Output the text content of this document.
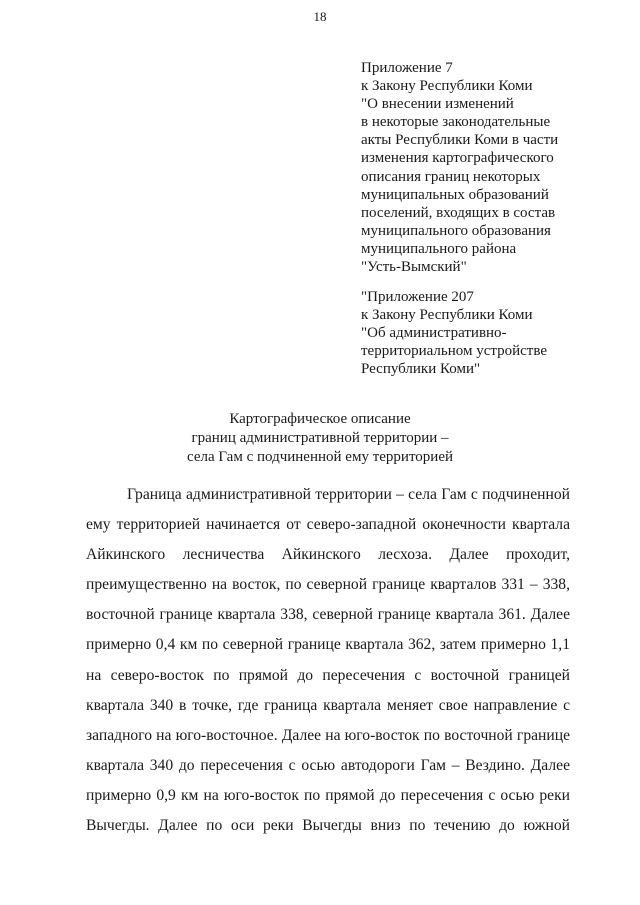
18
Приложение 7
к Закону Республики Коми
"О внесении изменений
в некоторые законодательные
акты Республики Коми в части
изменения картографического
описания границ некоторых
муниципальных образований
поселений, входящих в состав
муниципального образования
муниципального района
"Усть-Вымский"
"Приложение 207
к Закону Республики Коми
"Об административно-
территориальном устройстве
Республики Коми"
Картографическое описание
границ административной территории –
села Гам с подчиненной ему территорией
Граница административной территории – села Гам с подчиненной
ему территорией начинается от северо-западной оконечности квартала
Айкинского лесничества Айкинского лесхоза. Далее проходит,
преимущественно на восток, по северной границе кварталов 331 – 338,
восточной границе квартала 338, северной границе квартала 361. Далее
примерно 0,4 км по северной границе квартала 362, затем примерно 1,1
на северо-восток по прямой до пересечения с восточной границей
квартала 340 в точке, где граница квартала меняет свое направление с
западного на юго-восточное. Далее на юго-восток по восточной границе
квартала 340 до пересечения с осью автодороги Гам – Вездино. Далее
примерно 0,9 км на юго-восток по прямой до пересечения с осью реки
Вычегды. Далее по оси реки Вычегды вниз по течению до южной
